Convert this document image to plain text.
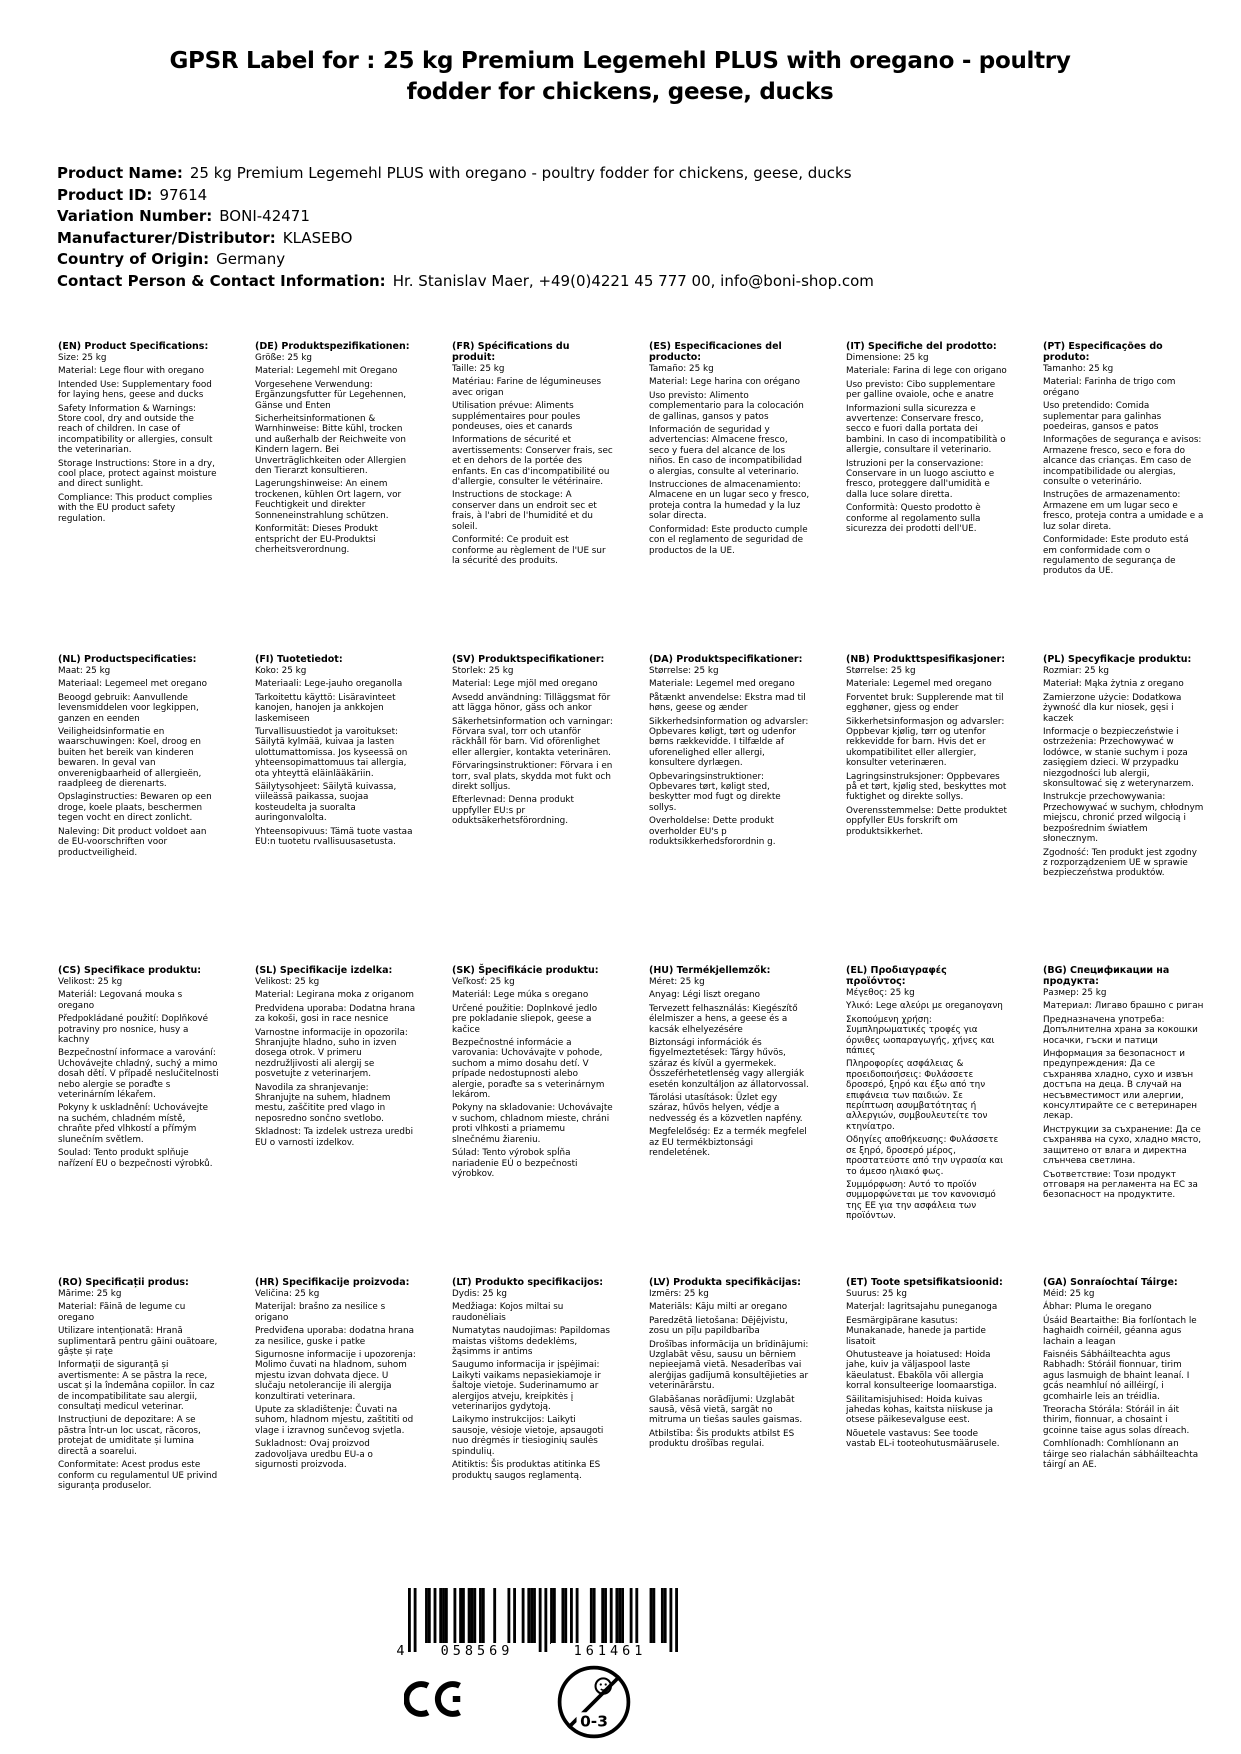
GPSR Label for : 25 kg Premium Legemehl PLUS with oregano - poultry fodder for chickens, geese, ducks
Product Name: 25 kg Premium Legemehl PLUS with oregano - poultry fodder for chickens, geese, ducks
Product ID: 97614
Variation Number: BONI-42471
Manufacturer/Distributor: KLASEBO
Country of Origin: Germany
Contact Person & Contact Information: Hr. Stanislav Maer, +49(0)4221 45 777 00, info@boni-shop.com
(EN) Product Specifications:

Size: 25 kg

Material: Lege flour with oregano

Intended Use: Supplementary food for laying hens, geese and ducks

Safety Information & Warnings: Store cool, dry and outside the reach of children. In case of incompatibility or allergies, consult the veterinarian.

Storage Instructions: Store in a dry, cool place, protect against moisture and direct sunlight.

Compliance: This product complies with the EU product safety regulation.

(DE) Produktspezifikationen:

Größe: 25 kg

Material: Legemehl mit Oregano

Vorgesehene Verwendung: Ergänzungsfutter für Legehennen, Gänse und Enten

Sicherheitsinformationen & Warnhinweise: Bitte kühl, trocken und außerhalb der Reichweite von Kindern lagern. Bei Unverträglichkeiten oder Allergien den Tierarzt konsultieren.

Lagerungshinweise: An einem trockenen, kühlen Ort lagern, vor Feuchtigkeit und direkter Sonneneinstrahlung schützen.

Konformität: Dieses Produkt entspricht der EU-Produktsi cherheitsverordnung.

(FR) Spécifications du produit:

Taille: 25 kg

Matériau: Farine de légumineuses avec origan

Utilisation prévue: Aliments supplémentaires pour poules pondeuses, oies et canards

Informations de sécurité et avertissements: Conserver frais, sec et en dehors de la portée des enfants. En cas d'incompatibilité ou d'allergie, consulter le vétérinaire.

Instructions de stockage: A conserver dans un endroit sec et frais, à l'abri de l'humidité et du soleil.

Conformité: Ce produit est conforme au règlement de l'UE sur la sécurité des produits.

(ES) Especificaciones del producto:

Tamaño: 25 kg

Material: Lege harina con orégano

Uso previsto: Alimento complementario para la colocación de gallinas, gansos y patos

Información de seguridad y advertencias: Almacene fresco, seco y fuera del alcance de los niños. En caso de incompatibilidad o alergias, consulte al veterinario.

Instrucciones de almacenamiento: Almacene en un lugar seco y fresco, proteja contra la humedad y la luz solar directa.

Conformidad: Este producto cumple con el reglamento de seguridad de productos de la UE.

(IT) Specifiche del prodotto:

Dimensione: 25 kg

Materiale: Farina di lege con origano

Uso previsto: Cibo supplementare per galline ovaiole, oche e anatre

Informazioni sulla sicurezza e avvertenze: Conservare fresco, secco e fuori dalla portata dei bambini. In caso di incompatibilità o allergie, consultare il veterinario.

Istruzioni per la conservazione: Conservare in un luogo asciutto e fresco, proteggere dall'umidità e dalla luce solare diretta.

Conformità: Questo prodotto è conforme al regolamento sulla sicurezza dei prodotti dell'UE.

(PT) Especificações do produto:

Tamanho: 25 kg

Material: Farinha de trigo com orégano

Uso pretendido: Comida suplementar para galinhas poedeiras, gansos e patos

Informações de segurança e avisos: Armazene fresco, seco e fora do alcance das crianças. Em caso de incompatibilidade ou alergias, consulte o veterinário.

Instruções de armazenamento: Armazene em um lugar seco e fresco, proteja contra a umidade e a luz solar direta.

Conformidade: Este produto está em conformidade com o regulamento de segurança de produtos da UE.

(NL) Productspecificaties:

Maat: 25 kg

Materiaal: Legemeel met oregano

Beoogd gebruik: Aanvullende levensmiddelen voor legkippen, ganzen en eenden

Veiligheidsinformatie en waarschuwingen: Koel, droog en buiten het bereik van kinderen bewaren. In geval van onverenigbaarheid of allergieën, raadpleeg de dierenarts.

Opslaginstructies: Bewaren op een droge, koele plaats, beschermen tegen vocht en direct zonlicht.

Naleving: Dit product voldoet aan de EU-voorschriften voor productveiligheid.

(FI) Tuotetiedot:

Koko: 25 kg

Materiaali: Lege-jauho oreganolla

Tarkoitettu käyttö: Lisäravinteet kanojen, hanojen ja ankkojen laskemiseen

Turvallisuustiedot ja varoitukset: Säilytä kylmää, kuivaa ja lasten ulottumattomissa. Jos kyseessä on yhteensopimattomuus tai allergia, ota yhteyttä eläinlääkäriin.

Säilytysohjeet: Säilytä kuivassa, viileässä paikassa, suojaa kosteudelta ja suoralta auringonvalolta.

Yhteensopivuus: Tämä tuote vastaa EU:n tuotetu rvallisuusasetusta.

(SV) Produktspecifikationer:

Storlek: 25 kg

Material: Lege mjöl med oregano

Avsedd användning: Tilläggsmat för att lägga hönor, gäss och ankor

Säkerhetsinformation och varningar: Förvara sval, torr och utanför räckhåll för barn. Vid oförenlighet eller allergier, kontakta veterinären.

Förvaringsinstruktioner: Förvara i en torr, sval plats, skydda mot fukt och direkt solljus.

Efterlevnad: Denna produkt uppfyller EU:s pr oduktsäkerhetsförordning.

(DA) Produktspecifikationer:

Størrelse: 25 kg

Materiale: Legemel med oregano

Påtænkt anvendelse: Ekstra mad til høns, geese og ænder

Sikkerhedsinformation og advarsler: Opbevares køligt, tørt og udenfor børns rækkevidde. I tilfælde af uforenelighed eller allergi, konsultere dyrlægen.

Opbevaringsinstruktioner: Opbevares tørt, køligt sted, beskytter mod fugt og direkte sollys.

Overholdelse: Dette produkt overholder EU's p roduktsikkerhedsforordnin g.

(NB) Produkttspesifikasjoner:

Størrelse: 25 kg

Materiale: Legemel med oregano

Forventet bruk: Supplerende mat til egghøner, gjess og ender

Sikkerhetsinformasjon og advarsler: Oppbevar kjølig, tørr og utenfor rekkevidde for barn. Hvis det er ukompatibilitet eller allergier, konsulter veterinæren.

Lagringsinstruksjoner: Oppbevares på et tørt, kjølig sted, beskyttes mot fuktighet og direkte sollys.

Overensstemmelse: Dette produktet oppfyller EUs forskrift om produktsikkerhet.

(PL) Specyfikacje produktu:

Rozmiar: 25 kg

Materiał: Mąka żytnia z oregano

Zamierzone użycie: Dodatkowa żywność dla kur niosek, gęsi i kaczek

Informacje o bezpieczeństwie i ostrzeżenia: Przechowywać w lodówce, w stanie suchym i poza zasięgiem dzieci. W przypadku niezgodności lub alergii, skonsultować się z weterynarzem.

Instrukcje przechowywania: Przechowywać w suchym, chłodnym miejscu, chronić przed wilgocią i bezpośrednim światłem słonecznym.

Zgodność: Ten produkt jest zgodny z rozporządzeniem UE w sprawie bezpieczeństwa produktów.

(CS) Specifikace produktu:

Velikost: 25 kg

Materiál: Legovaná mouka s oregano

Předpokládané použití: Doplňkové potraviny pro nosnice, husy a kachny

Bezpečnostní informace a varování: Uchovávejte chladný, suchý a mimo dosah dětí. V případě neslučitelnosti nebo alergie se poraďte s veterinárním lékařem.

Pokyny k uskladnění: Uchovávejte na suchém, chladném místě, chraňte před vlhkostí a přímým slunečním světlem.

Soulad: Tento produkt splňuje nařízení EU o bezpečnosti výrobků.

(SL) Specifikacije izdelka:

Velikost: 25 kg

Material: Legirana moka z origanom

Predvidena uporaba: Dodatna hrana za kokoši, gosi in race nesnice

Varnostne informacije in opozorila: Shranjujte hladno, suho in izven dosega otrok. V primeru nezdružljivosti ali alergij se posvetujte z veterinarjem.

Navodila za shranjevanje: Shranjujte na suhem, hladnem mestu, zaščitite pred vlago in neposredno sončno svetlobo.

Skladnost: Ta izdelek ustreza uredbi EU o varnosti izdelkov.

(SK) Špecifikácie produktu:

Veľkosť: 25 kg

Materiál: Lege múka s oregano

Určené použitie: Doplnkové jedlo pre pokladanie sliepok, geese a kačice

Bezpečnostné informácie a varovania: Uchovávajte v pohode, suchom a mimo dosahu detí. V prípade nedostupnosti alebo alergie, poraďte sa s veterinárnym lekárom.

Pokyny na skladovanie: Uchovávajte v suchom, chladnom mieste, chráni proti vlhkosti a priamemu slnečnému žiareniu.

Súlad: Tento výrobok spĺňa nariadenie EÚ o bezpečnosti výrobkov.

(HU) Termékjellemzők:

Méret: 25 kg

Anyag: Légi liszt oregano

Tervezett felhasználás: Kiegészítő élelmiszer a hens, a geese és a kacsák elhelyezésére

Biztonsági információk és figyelmeztetések: Tárgy hűvös, száraz és kívül a gyermekek. Összeférhetetlenség vagy allergiák esetén konzultáljon az állatorvossal.

Tárolási utasítások: Üzlet egy száraz, hűvös helyen, védje a nedvesség és a közvetlen napfény.

Megfelelőség: Ez a termék megfelel az EU termékbiztonsági rendeletének.

(EL) Προδιαγραφές προϊόντος:

Μέγεθος: 25 kg

Υλικό: Lege αλεύρι με oreganoγανη

Σκοπούμενη χρήση: Συμπληρωματικές τροφές για όρνιθες ωοπαραγωγής, χήνες και πάπιες

Πληροφορίες ασφάλειας & προειδοποιήσεις: Φυλάσσετε δροσερό, ξηρό και έξω από την επιφάνεια των παιδιών. Σε περίπτωση ασυμβατότητας ή αλλεργιών, συμβουλευτείτε τον κτηνίατρο.

Οδηγίες αποθήκευσης: Φυλάσσετε σε ξηρό, δροσερό μέρος, προστατεύστε από την υγρασία και το άμεσο ηλιακό φως.

Συμμόρφωση: Αυτό το προϊόν συμμορφώνεται με τον κανονισμό της ΕΕ για την ασφάλεια των προϊόντων.

(BG) Спецификации на продукта:

Размер: 25 kg

Материал: Лигаво брашно с риган

Предназначена употреба: Допълнителна храна за кокошки носачки, гъски и патици

Информация за безопасност и предупреждения: Да се съхранява хладно, сухо и извън достъпа на деца. В случай на несъвместимост или алергии, консултирайте се с ветеринарен лекар.

Инструкции за съхранение: Да се съхранява на сухо, хладно място, защитено от влага и директна слънчева светлина.

Съответствие: Този продукт отговаря на регламента на ЕС за безопасност на продуктите.

(RO) Specificații produs:

Mărime: 25 kg

Material: Făină de legume cu oregano

Utilizare intenționată: Hrană suplimentară pentru găini ouătoare, gâște și rațe

Informații de siguranță și avertismente: A se păstra la rece, uscat și la îndemâna copiilor. În caz de incompatibilitate sau alergii, consultați medicul veterinar.

Instrucțiuni de depozitare: A se păstra într-un loc uscat, răcoros, protejat de umiditate și lumina directă a soarelui.

Conformitate: Acest produs este conform cu regulamentul UE privind siguranța produselor.

(HR) Specifikacije proizvoda:

Veličina: 25 kg

Materijal: brašno za nesilice s origano

Predviđena uporaba: dodatna hrana za nesilice, guske i patke

Sigurnosne informacije i upozorenja: Molimo čuvati na hladnom, suhom mjestu izvan dohvata djece. U slučaju netolerancije ili alergija konzultirati veterinara.

Upute za skladištenje: Čuvati na suhom, hladnom mjestu, zaštititi od vlage i izravnog sunčevog svjetla.

Sukladnost: Ovaj proizvod zadovoljava uredbu EU-a o sigurnosti proizvoda.

(LT) Produkto specifikacijos:

Dydis: 25 kg

Medžiaga: Kojos miltai su raudonėliais

Numatytas naudojimas: Papildomas maistas vištoms dedeklėms, žąsimms ir antims

Saugumo informacija ir įspėjimai: Laikyti vaikams nepasiekiamoje ir šaltoje vietoje. Suderinamumo ar alergijos atveju, kreipkitės į veterinarijos gydytoją.

Laikymo instrukcijos: Laikyti sausoje, vėsioje vietoje, apsaugoti nuo drėgmės ir tiesioginių saulės spindulių.

Atitiktis: Šis produktas atitinka ES produktų saugos reglamentą.

(LV) Produkta specifikācijas:

Izmērs: 25 kg

Materiāls: Kāju milti ar oregano

Paredzētā lietošana: Dējējvistu, zosu un pīļu papildbarība

Drošības informācija un brīdinājumi: Uzglabāt vēsu, sausu un bērniem nepieejamā vietā. Nesaderības vai alerģijas gadījumā konsultējieties ar veterinārārstu.

Glabāšanas norādījumi: Uzglabāt sausā, vēsā vietā, sargāt no mitruma un tiešas saules gaismas.

Atbilstība: Šis produkts atbilst ES produktu drošības regulai.

(ET) Toote spetsifikatsioonid:

Suurus: 25 kg

Materjal: lagritsajahu puneganoga

Eesmärgipärane kasutus: Munakanade, hanede ja partide lisatoit

Ohutusteave ja hoiatused: Hoida jahe, kuiv ja väljaspool laste käeulatust. Ebakõla või allergia korral konsulteerige loomaarstiga.

Säilitamisjuhised: Hoida kuivas jahedas kohas, kaitsta niiskuse ja otsese päikesevalguse eest.

Nõuetele vastavus: See toode vastab EL-i tooteohutusmäärusele.

(GA) Sonraíochtaí Táirge:

Méid: 25 kg

Ábhar: Pluma le oregano

Úsáid Beartaithe: Bia forlíontach le haghaidh coirnéil, géanna agus lachain a leagan

Faisnéis Sábháilteachta agus Rabhadh: Stóráil fionnuar, tirim agus lasmuigh de bhaint leanaí. I gcás neamhluí nó ailléirgí, i gcomhairle leis an tréidlia.

Treoracha Stórála: Stóráil in áit thirim, fionnuar, a chosaint i gcoinne taise agus solas díreach.

Comhlíonadh: Comhlíonann an táirge seo rialachán sábháilteachta táirgí an AE.

4	058569	161461
0-3
